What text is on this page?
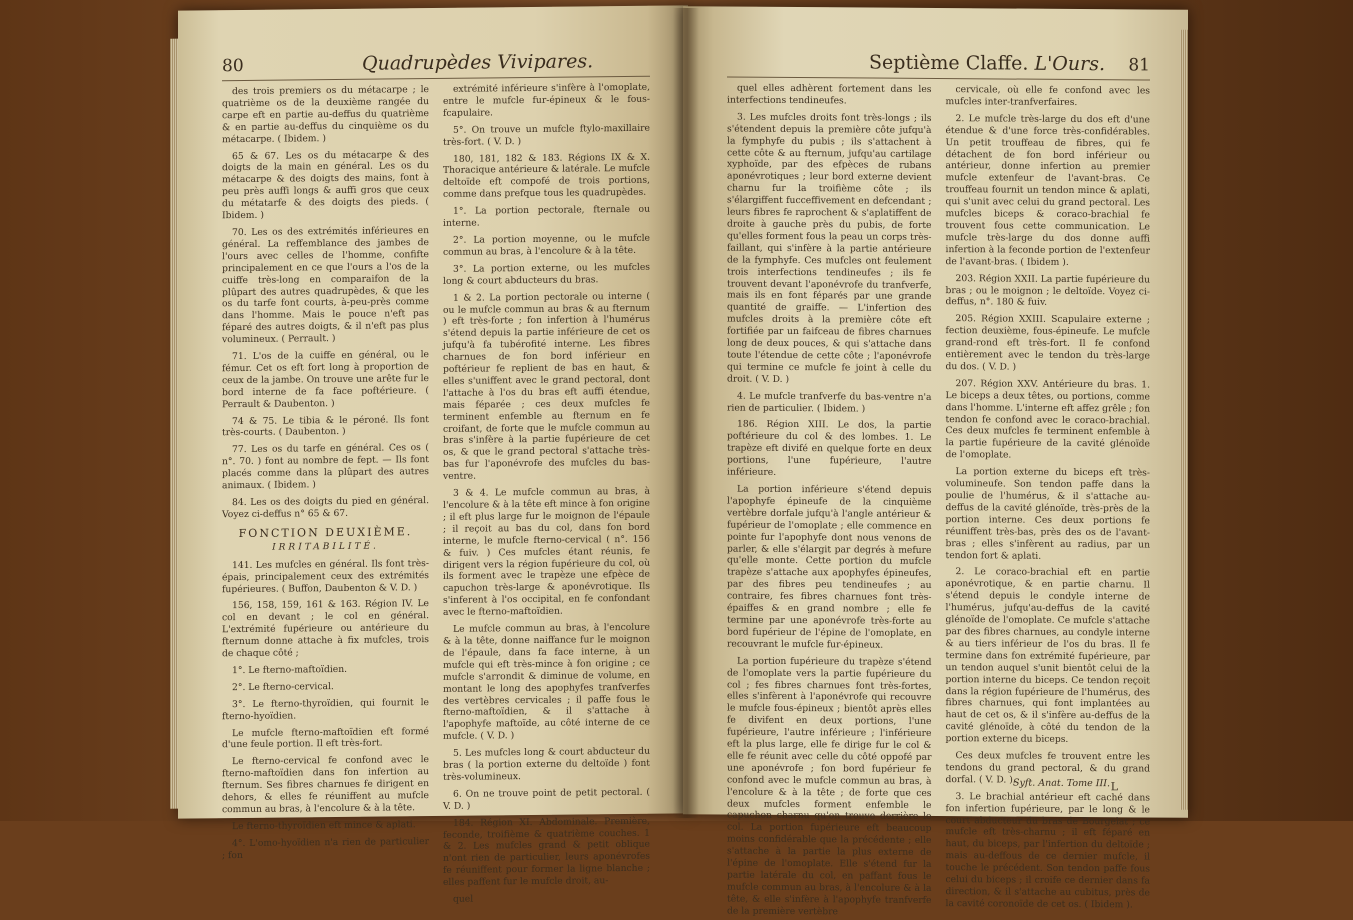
80	Quadrupèdes Vivipares.

des trois premiers os du métacarpe ; le quatrième os de la deuxième rangée du carpe eft en partie au-deffus du quatrième & en partie au-deffus du cinquième os du métacarpe. ( Ibidem. )

65 & 67. Les os du métacarpe & des doigts de la main en général. Les os du métacarpe & des doigts des mains, font à peu près auffi longs & auffi gros que ceux du métatarfe & des doigts des pieds. ( Ibidem. )

70. Les os des extrémités inférieures en général. La reffemblance des jambes de l'ours avec celles de l'homme, confifte principalement en ce que l'ours a l'os de la cuiffe très-long en comparaifon de la plûpart des autres quadrupèdes, & que les os du tarfe font courts, à-peu-près comme dans l'homme. Mais le pouce n'eft pas féparé des autres doigts, & il n'eft pas plus volumineux. ( Perrault. )

71. L'os de la cuiffe en général, ou le fémur. Cet os eft fort long à proportion de ceux de la jambe. On trouve une arête fur le bord interne de fa face poftérieure. ( Perrault & Daubenton. )

74 & 75. Le tibia & le péroné. Ils font très-courts. ( Daubenton. )

77. Les os du tarfe en général. Ces os ( n°. 70. ) font au nombre de fept. — Ils font placés comme dans la plûpart des autres animaux. ( Ibidem. )

84. Les os des doigts du pied en général. Voyez ci-deffus n° 65 & 67.

FONCTION DEUXIÈME.
IRRITABILITÉ.

141. Les mufcles en général. Ils font très-épais, principalement ceux des extrémités fupérieures. ( Buffon, Daubenton & V. D. )

156, 158, 159, 161 & 163. Région IV. Le col en devant ; le col en général. L'extrémité fupérieure ou antérieure du fternum donne attache à fix mufcles, trois de chaque côté ;

1°. Le fterno-maftoïdien.

2°. Le fterno-cervical.

3°. Le fterno-thyroïdien, qui fournit le fterno-hyoïdien.

Le mufcle fterno-maftoïdien eft formé d'une feule portion. Il eft très-fort.

Le fterno-cervical fe confond avec le fterno-maftoïdien dans fon infertion au fternum. Ses fibres charnues fe dirigent en dehors, & elles fe réuniffent au mufcle commun au bras, à l'encolure & à la tête.

Le fterno-thyroïdien eft mince & aplati.

4°. L'omo-hyoïdien n'a rien de particulier ; fon

extrémité inférieure s'infère à l'omoplate, entre le mufcle fur-épineux & le fous-fcapulaire.

5°. On trouve un mufcle ftylo-maxillaire très-fort. ( V. D. )

180, 181, 182 & 183. Régions IX & X. Thoracique antérieure & latérale. Le mufcle deltoïde eft compofé de trois portions, comme dans prefque tous les quadrupèdes.

1°. La portion pectorale, fternale ou interne.

2°. La portion moyenne, ou le mufcle commun au bras, à l'encolure & à la tête.

3°. La portion externe, ou les mufcles long & court abducteurs du bras.

1 & 2. La portion pectorale ou interne ( ou le mufcle commun au bras & au fternum ) eft très-forte ; fon infertion à l'humérus s'étend depuis la partie inférieure de cet os jufqu'à fa tubérofité interne. Les fibres charnues de fon bord inférieur en poftérieur fe replient de bas en haut, & elles s'uniffent avec le grand pectoral, dont l'attache à l'os du bras eft auffi étendue, mais féparée ; ces deux mufcles fe terminent enfemble au fternum en fe croifant, de forte que le mufcle commun au bras s'infère à la partie fupérieure de cet os, & que le grand pectoral s'attache très-bas fur l'aponévrofe des mufcles du bas-ventre.

3 & 4. Le mufcle commun au bras, à l'encolure & à la tête eft mince à fon origine ; il eft plus large fur le moignon de l'épaule ; il reçoit au bas du col, dans fon bord interne, le mufcle fterno-cervical ( n°. 156 & fuiv. ) Ces mufcles étant réunis, fe dirigent vers la région fupérieure du col, où ils forment avec le trapèze une efpèce de capuchon très-large & aponévrotique. Ils s'inferent à l'os occipital, en fe confondant avec le fterno-maftoïdien.

Le mufcle commun au bras, à l'encolure & à la tête, donne naiffance fur le moignon de l'épaule, dans fa face interne, à un mufcle qui eft très-mince à fon origine ; ce mufcle s'arrondit & diminue de volume, en montant le long des apophyfes tranfverfes des vertèbres cervicales ; il paffe fous le fterno-maftoïdien, & il s'attache à l'apophyfe maftoïde, au côté interne de ce mufcle. ( V. D. )

5. Les mufcles long & court abducteur du bras ( la portion externe du deltoïde ) font très-volumineux.

6. On ne trouve point de petit pectoral. ( V. D. )

184. Région XI. Abdominale. Première, feconde, troifième & quatrième couches. 1 & 2. Les mufcles grand & petit oblique n'ont rien de particulier, leurs aponévrofes fe réuniffent pour former la ligne blanche ; elles paffent fur le mufcle droit, au-

quel

Septième Claffe. L'Ours. 81

quel elles adhèrent fortement dans les interfections tendineufes.

3. Les mufcles droits font très-longs ; ils s'étendent depuis la première côte jufqu'à la fymphyfe du pubis ; ils s'attachent à cette côte & au fternum, jufqu'au cartilage xyphoïde, par des efpèces de rubans aponévrotiques ; leur bord externe devient charnu fur la troifième côte ; ils s'élargiffent fucceffivement en defcendant ; leurs fibres fe raprochent & s'aplatiffent de droite à gauche près du pubis, de forte qu'elles forment fous la peau un corps très-faillant, qui s'infère à la partie antérieure de la fymphyfe. Ces mufcles ont feulement trois interfections tendineufes ; ils fe trouvent devant l'aponévrofe du tranfverfe, mais ils en font féparés par une grande quantité de graiffe. — L'infertion des mufcles droits à la première côte eft fortifiée par un faifceau de fibres charnues long de deux pouces, & qui s'attache dans toute l'étendue de cette côte ; l'aponévrofe qui termine ce mufcle fe joint à celle du droit. ( V. D. )

4. Le mufcle tranfverfe du bas-ventre n'a rien de particulier. ( Ibidem. )

186. Région XIII. Le dos, la partie poftérieure du col & des lombes. 1. Le trapèze eft divifé en quelque forte en deux portions, l'une fupérieure, l'autre inférieure.

La portion inférieure s'étend depuis l'apophyfe épineufe de la cinquième vertèbre dorfale jufqu'à l'angle antérieur & fupérieur de l'omoplate ; elle commence en pointe fur l'apophyfe dont nous venons de parler, & elle s'élargit par degrés à mefure qu'elle monte. Cette portion du mufcle trapèze s'attache aux apophyfes épineufes, par des fibres peu tendineufes ; au contraire, fes fibres charnues font très-épaiffes & en grand nombre ; elle fe termine par une aponévrofe très-forte au bord fupérieur de l'épine de l'omoplate, en recouvrant le mufcle fur-épineux.

La portion fupérieure du trapèze s'étend de l'omoplate vers la partie fupérieure du col ; fes fibres charnues font très-fortes, elles s'infèrent à l'aponévrofe qui recouvre le mufcle fous-épineux ; bientôt après elles fe divifent en deux portions, l'une fupérieure, l'autre inférieure ; l'inférieure eft la plus large, elle fe dirige fur le col & elle fe réunit avec celle du côté oppofé par une aponévrofe ; fon bord fupérieur fe confond avec le mufcle commun au bras, à l'encolure & à la tête ; de forte que ces deux mufcles forment enfemble le capuchon charnu qu'on trouve derrière le col. La portion fupérieure eft beaucoup moins confidérable que la précédente ; elle s'attache à la partie la plus externe de l'épine de l'omoplate. Elle s'étend fur la partie latérale du col, en paffant fous le mufcle commun au bras, à l'encolure & à la tête, & elle s'infère à l'apophyfe tranfverfe de la première vertèbre

cervicale, où elle fe confond avec les mufcles inter-tranfverfaires.

2. Le mufcle très-large du dos eft d'une étendue & d'une force très-confidérables. Un petit trouffeau de fibres, qui fe détachent de fon bord inférieur ou antérieur, donne infertion au premier mufcle extenfeur de l'avant-bras. Ce trouffeau fournit un tendon mince & aplati, qui s'unit avec celui du grand pectoral. Les mufcles biceps & coraco-brachial fe trouvent fous cette communication. Le mufcle très-large du dos donne auffi infertion à la feconde portion de l'extenfeur de l'avant-bras. ( Ibidem ).

203. Région XXII. La partie fupérieure du bras ; ou le moignon ; le deltoïde. Voyez ci-deffus, n°. 180 & fuiv.

205. Région XXIII. Scapulaire externe ; fection deuxième, fous-épineufe. Le mufcle grand-rond eft très-fort. Il fe confond entièrement avec le tendon du très-large du dos. ( V. D. )

207. Région XXV. Antérieure du bras. 1. Le biceps a deux têtes, ou portions, comme dans l'homme. L'interne eft affez grêle ; fon tendon fe confond avec le coraco-brachial. Ces deux mufcles fe terminent enfemble à la partie fupérieure de la cavité glénoïde de l'omoplate.

La portion externe du biceps eft très-volumineufe. Son tendon paffe dans la poulie de l'humérus, & il s'attache au-deffus de la cavité glénoïde, très-près de la portion interne. Ces deux portions fe réuniffent très-bas, près des os de l'avant-bras ; elles s'infèrent au radius, par un tendon fort & aplati.

2. Le coraco-brachial eft en partie aponévrotique, & en partie charnu. Il s'étend depuis le condyle interne de l'humérus, jufqu'au-deffus de la cavité glénoïde de l'omoplate. Ce mufcle s'attache par des fibres charnues, au condyle interne & au tiers inférieur de l'os du bras. Il fe termine dans fon extrémité fupérieure, par un tendon auquel s'unit bientôt celui de la portion interne du biceps. Ce tendon reçoit dans la région fupérieure de l'humérus, des fibres charnues, qui font implantées au haut de cet os, & il s'infère au-deffus de la cavité glénoïde, à côté du tendon de la portion externe du biceps.

Ces deux mufcles fe trouvent entre les tendons du grand pectoral, & du grand dorfal. ( V. D. ).

3. Le brachial antérieur eft caché dans fon infertion fupérieure, par le long & le court abducteur du bras de Bourgelat ; ce mufcle eft très-charnu ; il eft féparé en haut, du biceps, par l'infertion du deltoïde ; mais au-deffous de ce dernier mufcle, il touche le précédent. Son tendon paffe fous celui du biceps ; il croife ce dernier dans fa direction, & il s'attache au cubitus, près de la cavité coronoïde de cet os. ( Ibidem ).

Syft. Anat. Tome III. L
